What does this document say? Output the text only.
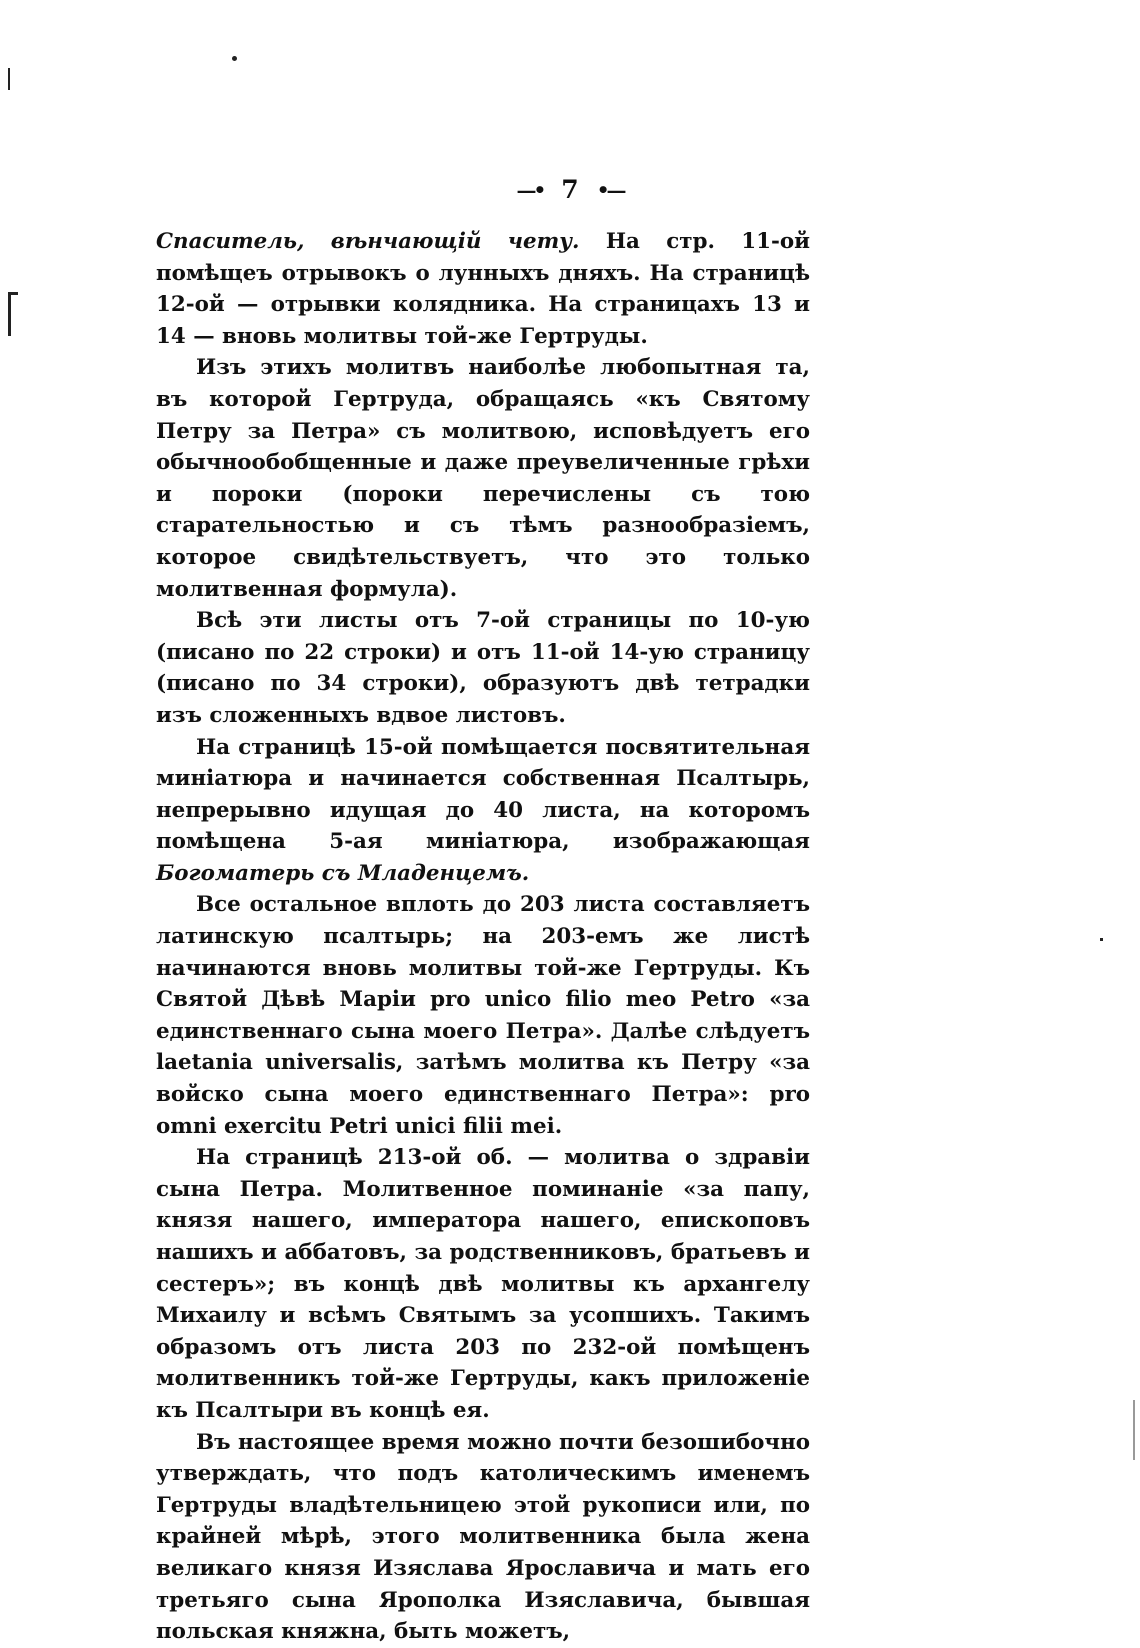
—• 7 •—

Спаситель, вѣнчающій чету. На стр. 11-ой помѣщеъ отрывокъ о лунныхъ дняхъ. На страницѣ 12-ой — отрывки колядника. На страницахъ 13 и 14 — вновь молитвы той-же Гертруды.

Изъ этихъ молитвъ наиболѣе любопытная та, въ которой Гертруда, обращаясь «къ Святому Петру за Петра» съ молитвою, исповѣдуетъ его обычнообобщенные и даже преувеличенные грѣхи и пороки (пороки перечислены съ тою старательностью и съ тѣмъ разнообразіемъ, которое свидѣтельствуетъ, что это только молитвенная формула).

Всѣ эти листы отъ 7-ой страницы по 10-ую (писано по 22 строки) и отъ 11-ой 14-ую страницу (писано по 34 строки), образуютъ двѣ тетрадки изъ сложенныхъ вдвое листовъ.

На страницѣ 15-ой помѣщается посвятительная миніатюра и начинается собственная Псалтырь, непрерывно идущая до 40 листа, на которомъ помѣщена 5-ая миніатюра, изображающая Богоматерь съ Младенцемъ.

Все остальное вплоть до 203 листа составляетъ латинскую псалтырь; на 203-емъ же листѣ начинаются вновь молитвы той-же Гертруды. Къ Святой Дѣвѣ Маріи pro unico filio meo Petro «за единственнаго сына моего Петра». Далѣе слѣдуетъ laetania universalis, затѣмъ молитва къ Петру «за войско сына моего единственнаго Петра»: pro omni exercitu Petri unici filii mei.

На страницѣ 213-ой об. — молитва о здравіи сына Петра. Молитвенное поминаніе «за папу, князя нашего, императора нашего, епископовъ нашихъ и аббатовъ, за родственниковъ, братьевъ и сестеръ»; въ концѣ двѣ молитвы къ архангелу Михаилу и всѣмъ Святымъ за усопшихъ. Такимъ образомъ отъ листа 203 по 232-ой помѣщенъ молитвенникъ той-же Гертруды, какъ приложеніе къ Псалтыри въ концѣ ея.

Въ настоящее время можно почти безошибочно утверждать, что подъ католическимъ именемъ Гертруды владѣтельницею этой рукописи или, по крайней мѣрѣ, этого молитвенника была жена великаго князя Изяслава Ярославича и мать его третьяго сына Ярополка Изяславича, бывшая польская княжна, быть можетъ,
